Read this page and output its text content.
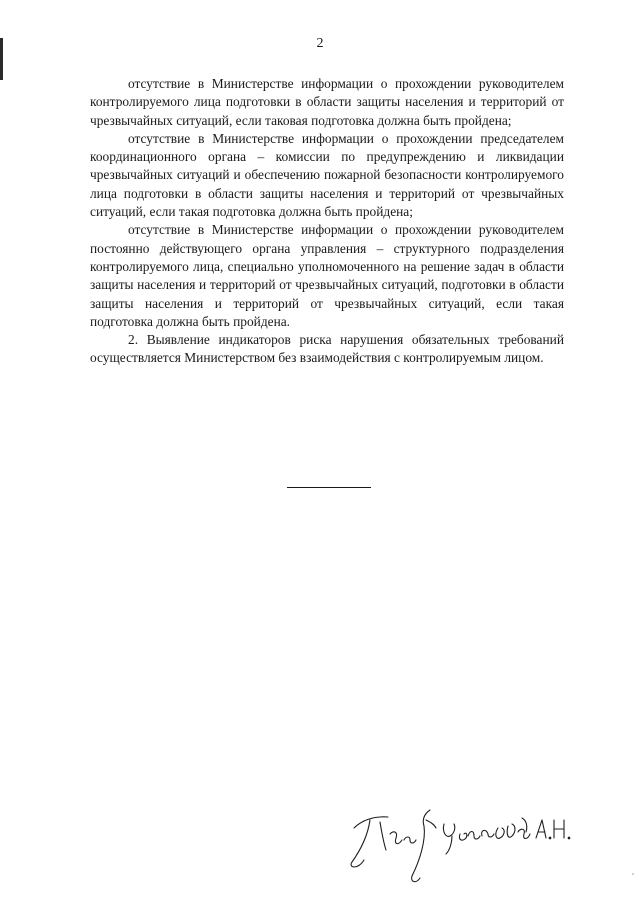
2

отсутствие в Министерстве информации о прохождении руководителем контролируемого лица подготовки в области защиты населения и территорий от чрезвычайных ситуаций, если таковая подготовка должна быть пройдена;

отсутствие в Министерстве информации о прохождении председателем координационного органа – комиссии по предупреждению и ликвидации чрезвычайных ситуаций и обеспечению пожарной безопасности контролируемого лица подготовки в области защиты населения и территорий от чрезвычайных ситуаций, если такая подготовка должна быть пройдена;

отсутствие в Министерстве информации о прохождении руководителем постоянно действующего органа управления – структурного подразделения контролируемого лица, специально уполномоченного на решение задач в области защиты населения и территорий от чрезвычайных ситуаций, подготовки в области защиты населения и территорий от чрезвычайных ситуаций, если такая подготовка должна быть пройдена.

2. Выявление индикаторов риска нарушения обязательных требований осуществляется Министерством без взаимодействия с контролируемым лицом.
